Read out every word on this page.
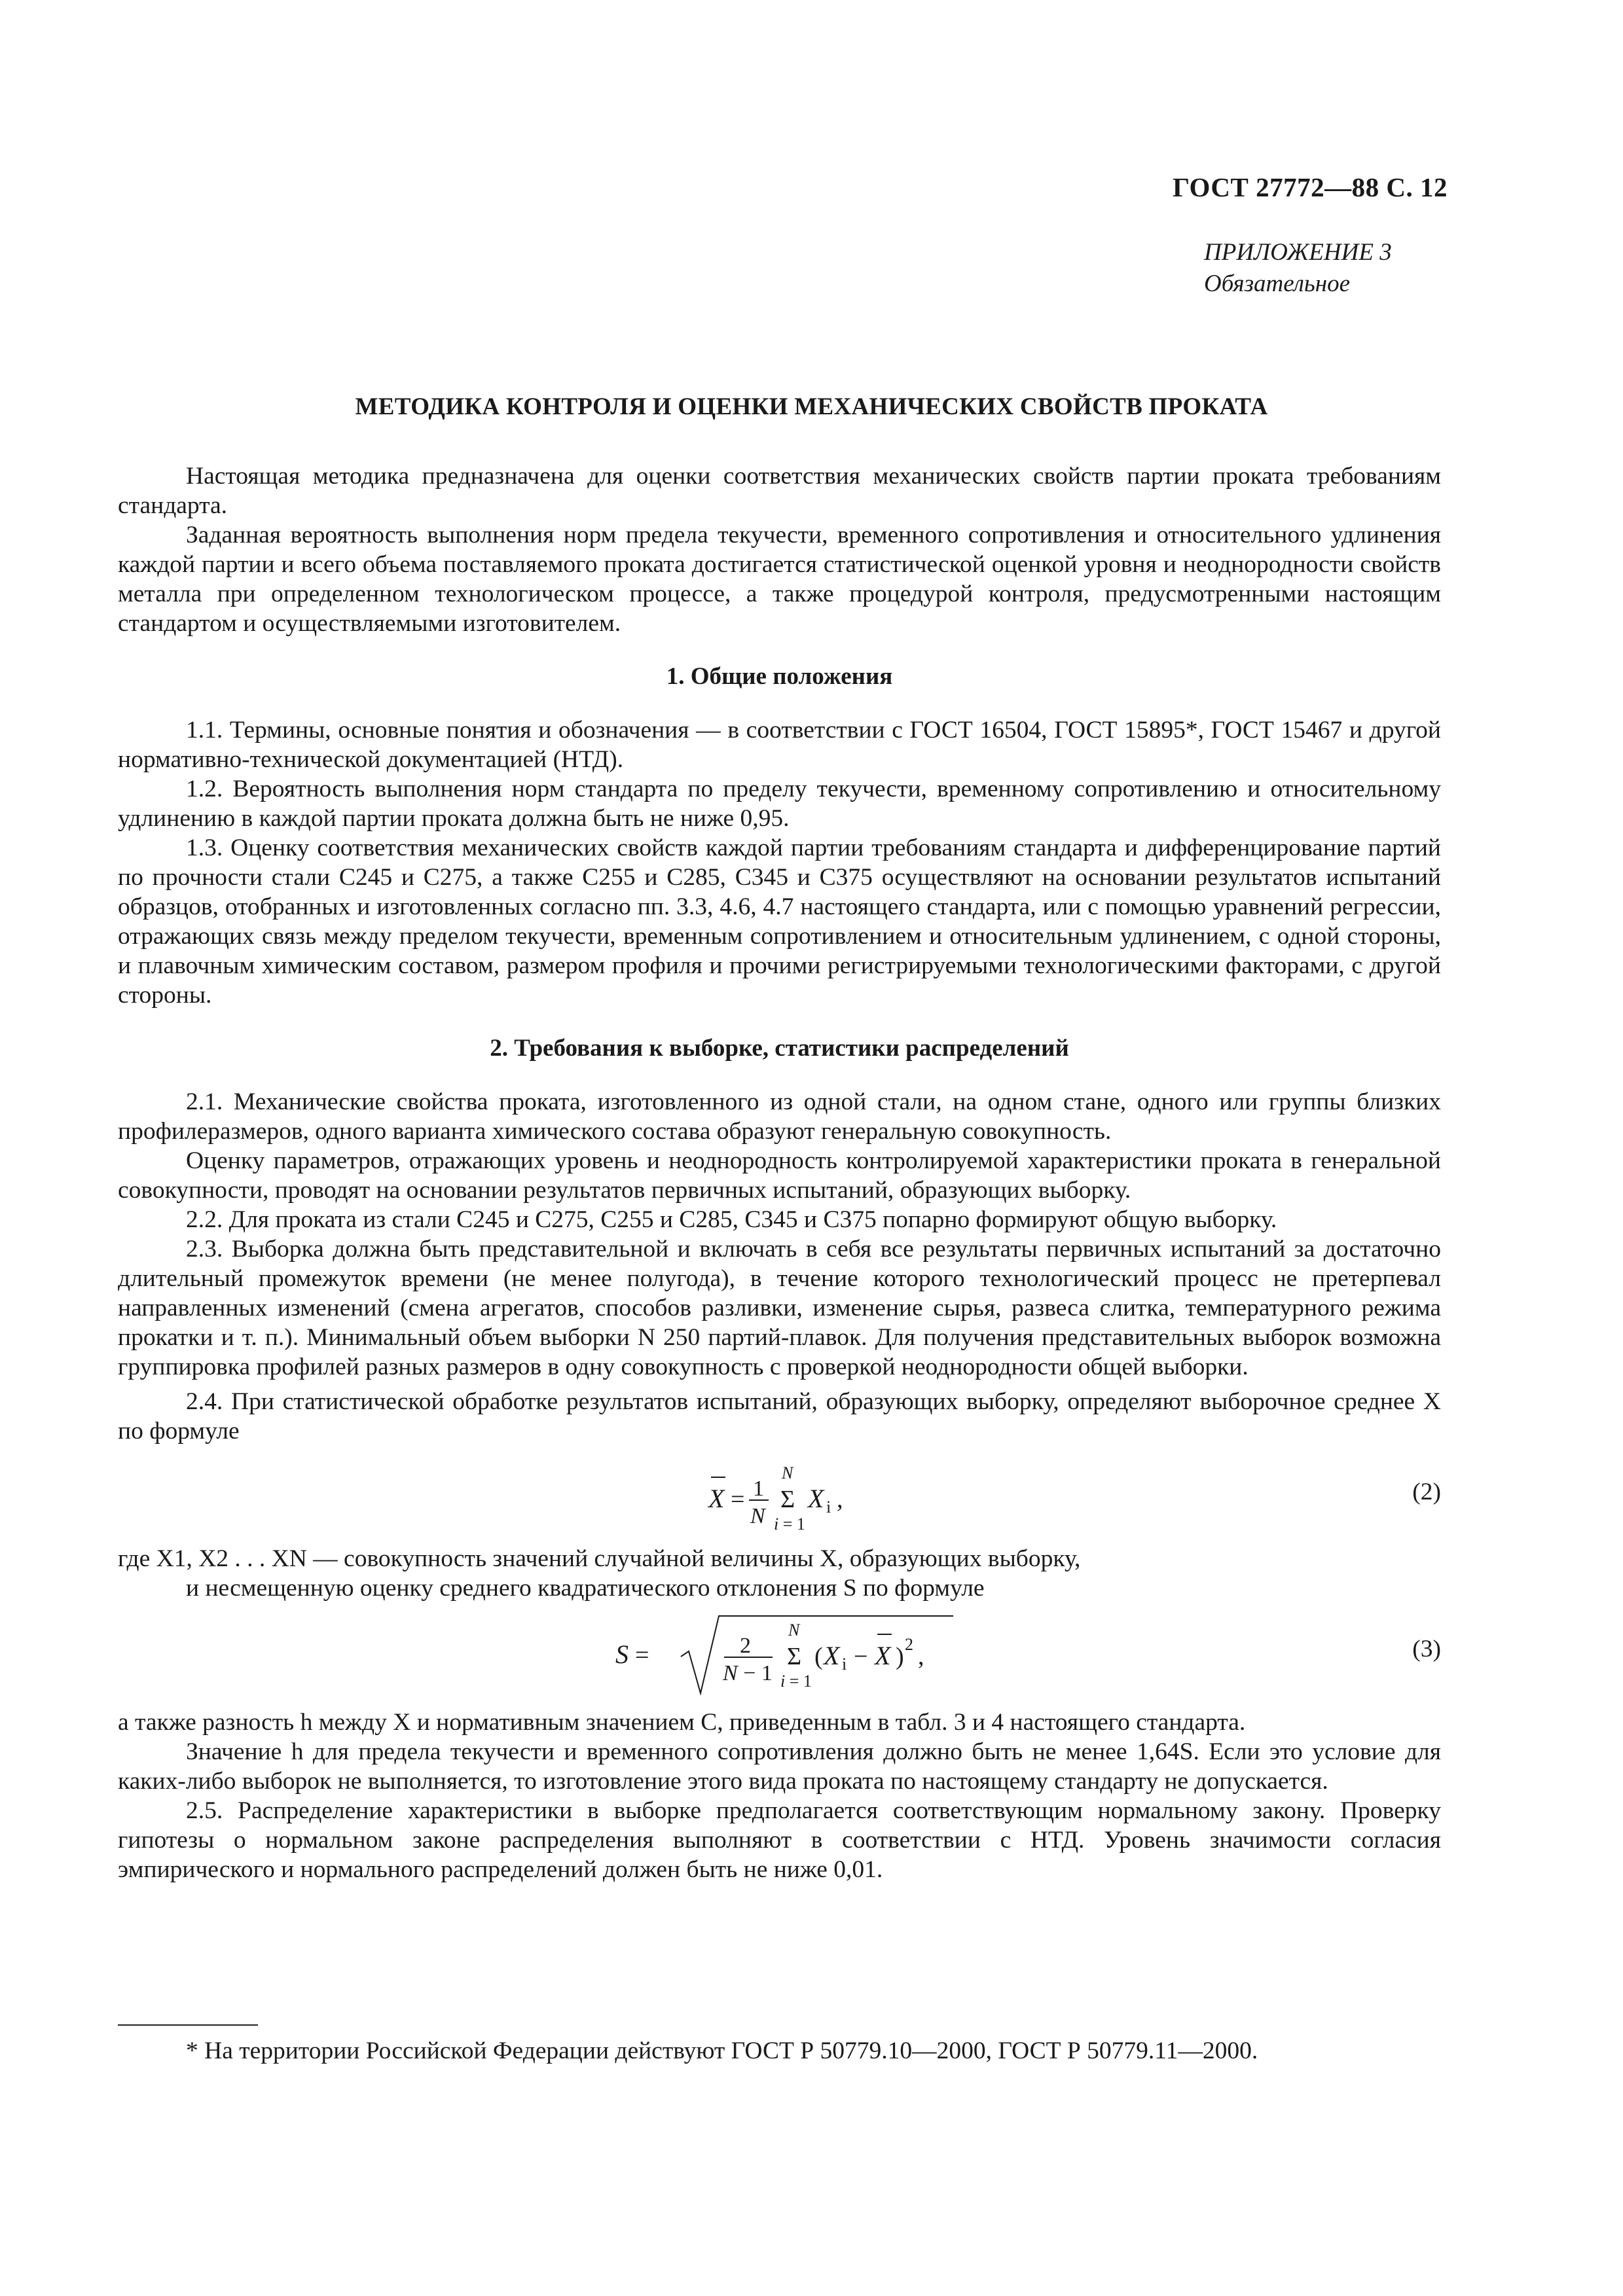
ГОСТ 27772—88 С. 12
ПРИЛОЖЕНИЕ 3
Обязательное
МЕТОДИКА КОНТРОЛЯ И ОЦЕНКИ МЕХАНИЧЕСКИХ СВОЙСТВ ПРОКАТА

Настоящая методика предназначена для оценки соответствия механических свойств партии проката требованиям стандарта.

Заданная вероятность выполнения норм предела текучести, временного сопротивления и относительного удлинения каждой партии и всего объема поставляемого проката достигается статистической оценкой уровня и неоднородности свойств металла при определенном технологическом процессе, а также процедурой контроля, предусмотренными настоящим стандартом и осуществляемыми изготовителем.

1. Общие положения

1.1. Термины, основные понятия и обозначения — в соответствии с ГОСТ 16504, ГОСТ 15895*, ГОСТ 15467 и другой нормативно-технической документацией (НТД).

1.2. Вероятность выполнения норм стандарта по пределу текучести, временному сопротивлению и относительному удлинению в каждой партии проката должна быть не ниже 0,95.

1.3. Оценку соответствия механических свойств каждой партии требованиям стандарта и дифференцирование партий по прочности стали С245 и С275, а также С255 и С285, С345 и С375 осуществляют на основании результатов испытаний образцов, отобранных и изготовленных согласно пп. 3.3, 4.6, 4.7 настоящего стандарта, или с помощью уравнений регрессии, отражающих связь между пределом текучести, временным сопротивлением и относительным удлинением, с одной стороны, и плавочным химическим составом, размером профиля и прочими регистрируемыми технологическими факторами, с другой стороны.

2. Требования к выборке, статистики распределений

2.1. Механические свойства проката, изготовленного из одной стали, на одном стане, одного или группы близких профилеразмеров, одного варианта химического состава образуют генеральную совокупность.

Оценку параметров, отражающих уровень и неоднородность контролируемой характеристики проката в генеральной совокупности, проводят на основании результатов первичных испытаний, образующих выборку.

2.2. Для проката из стали С245 и С275, С255 и С285, С345 и С375 попарно формируют общую выборку.

2.3. Выборка должна быть представительной и включать в себя все результаты первичных испытаний за достаточно длительный промежуток времени (не менее полугода), в течение которого технологический процесс не претерпевал направленных изменений (смена агрегатов, способов разливки, изменение сырья, развеса слитка, температурного режима прокатки и т. п.). Минимальный объем выборки N 250 партий-плавок. Для получения представительных выборок возможна группировка профилей разных размеров в одну совокупность с проверкой неоднородности общей выборки.

2.4. При статистической обработке результатов испытаний, образующих выборку, определяют выборочное среднее X по формуле

X = 1
N
N
Σ
i = 1
X i ,	(2)

где X1, X2 . . . XN — совокупность значений случайной величины X, образующих выборку,

и несмещенную оценку среднего квадратического отклонения S по формуле

S =	2
N − 1
N
Σ
i = 1
( X i − X ) 2 ,	(3)

а также разность h между X и нормативным значением С, приведенным в табл. 3 и 4 настоящего стандарта.

Значение h для предела текучести и временного сопротивления должно быть не менее 1,64S. Если это условие для каких-либо выборок не выполняется, то изготовление этого вида проката по настоящему стандарту не допускается.

2.5. Распределение характеристики в выборке предполагается соответствующим нормальному закону. Проверку гипотезы о нормальном законе распределения выполняют в соответствии с НТД. Уровень значимости согласия эмпирического и нормального распределений должен быть не ниже 0,01.

* На территории Российской Федерации действуют ГОСТ Р 50779.10—2000, ГОСТ Р 50779.11—2000.
